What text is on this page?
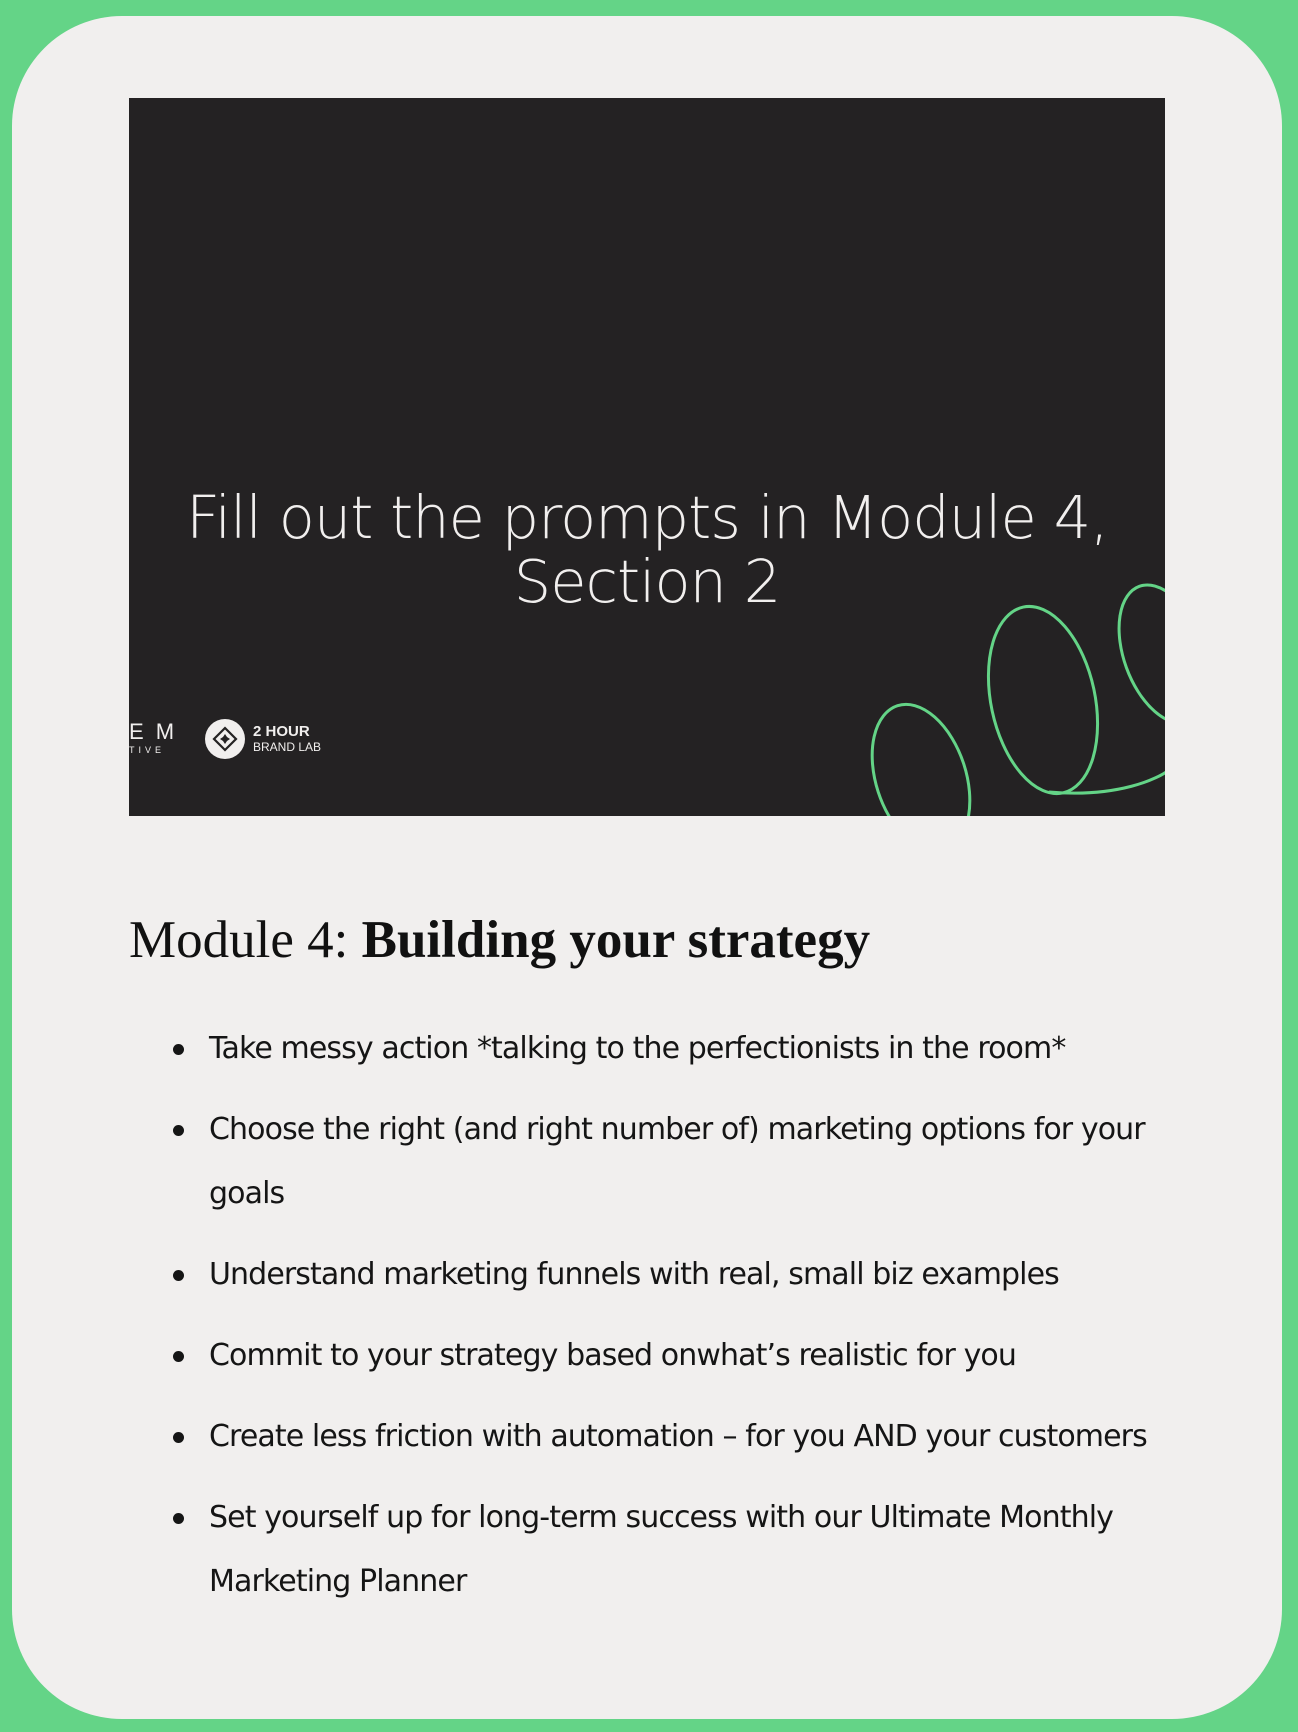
Fill out the prompts in Module 4,
Section 2
E M
TIVE
2 HOUR
BRAND LAB
Module 4: Building your strategy
Take messy action *talking to the perfectionists in the room*
Choose the right (and right number of) marketing options for your goals
Understand marketing funnels with real, small biz examples
Commit to your strategy based onwhat’s realistic for you
Create less friction with automation – for you AND your customers
Set yourself up for long-term success with our Ultimate Monthly Marketing Planner
